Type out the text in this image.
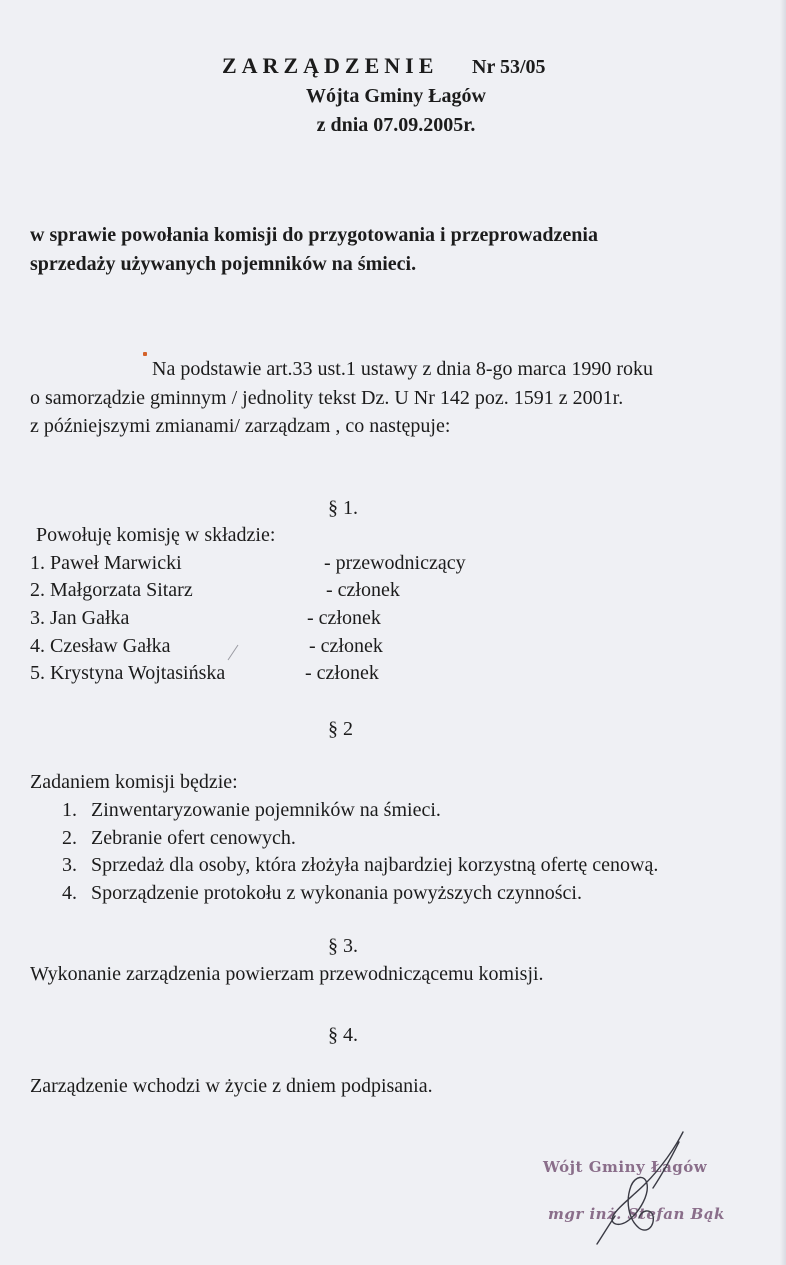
ZARZĄDZENIE Nr 53/05
Wójta Gminy Łagów
z dnia 07.09.2005r.
w sprawie powołania komisji do przygotowania i przeprowadzenia
sprzedaży używanych pojemników na śmieci.
Na podstawie art.33 ust.1 ustawy z dnia 8-go marca 1990 roku
o samorządzie gminnym / jednolity tekst Dz. U Nr 142 poz. 1591 z 2001r.
z późniejszymi zmianami/ zarządzam , co następuje:
§ 1.
Powołuję komisję w składzie:
1. Paweł Marwicki	- przewodniczący
2. Małgorzata Sitarz	- członek
3. Jan Gałka	- członek
4. Czesław Gałka	- członek
5. Krystyna Wojtasińska	- członek
§ 2
Zadaniem komisji będzie:
1. Zinwentaryzowanie pojemników na śmieci.
2. Zebranie ofert cenowych.
3. Sprzedaż dla osoby, która złożyła najbardziej korzystną ofertę cenową.
4. Sporządzenie protokołu z wykonania powyższych czynności.
§ 3.
Wykonanie zarządzenia powierzam przewodniczącemu komisji.
§ 4.
Zarządzenie wchodzi w życie z dniem podpisania.
Wójt Gminy Łagów
mgr inż. Stefan Bąk
